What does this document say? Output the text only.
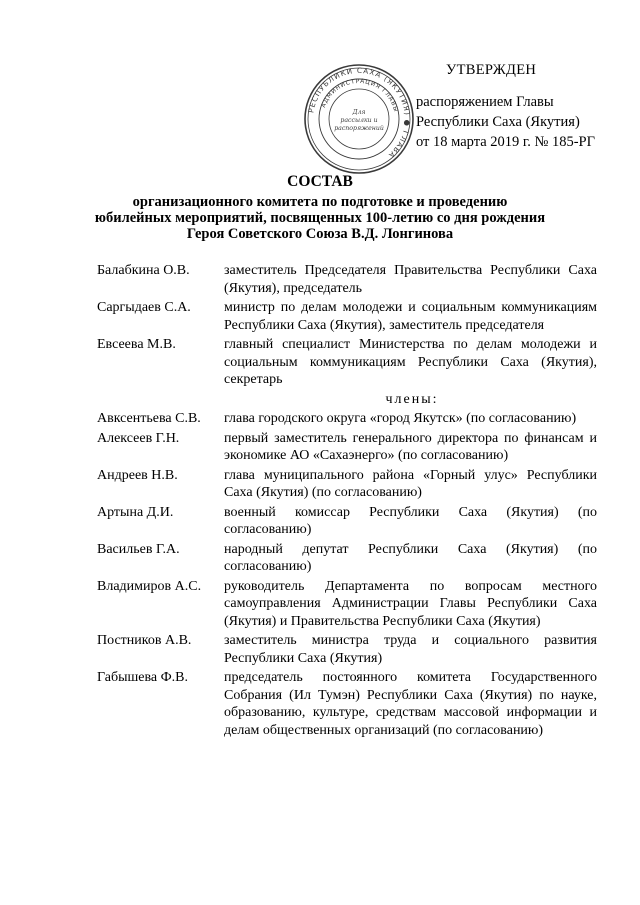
УТВЕРЖДЕН
распоряжением Главы
Республики Саха (Якутия)
от 18 марта 2019 г. № 185-РГ
РЕСПУБЛИКИ САХА (ЯКУТИЯ) ● ГЛАВА
АДМИНИСТРАЦИЯ ГЛАВЫ
Для
рассылки и
распоряжений
СОСТАВ
организационного комитета по подготовке и проведению
юбилейных мероприятий, посвященных 100-летию со дня рождения
Героя Советского Союза В.Д. Лонгинова
Балабкина О.В.	заместитель Председателя Правительства Республики Саха (Якутия), председатель
Саргыдаев С.А.	министр по делам молодежи и социальным коммуникациям Республики Саха (Якутия), заместитель председателя
Евсеева М.В.	главный специалист Министерства по делам молодежи и социальным коммуникациям Республики Саха (Якутия), секретарь
члены:
Авксентьева С.В.	глава городского округа «город Якутск» (по согласованию)
Алексеев Г.Н.	первый заместитель генерального директора по финансам и экономике АО «Сахаэнерго» (по согласованию)
Андреев Н.В.	глава муниципального района «Горный улус» Республики Саха (Якутия) (по согласованию)
Артына Д.И.	военный комиссар Республики Саха (Якутия) (по согласованию)
Васильев Г.А.	народный депутат Республики Саха (Якутия) (по согласованию)
Владимиров А.С.	руководитель Департамента по вопросам местного самоуправления Администрации Главы Республики Саха (Якутия) и Правительства Республики Саха (Якутия)
Постников А.В.	заместитель министра труда и социального развития Республики Саха (Якутия)
Габышева Ф.В.	председатель постоянного комитета Государственного Собрания (Ил Тумэн) Республики Саха (Якутия) по науке, образованию, культуре, средствам массовой информации и делам общественных организаций (по согласованию)
